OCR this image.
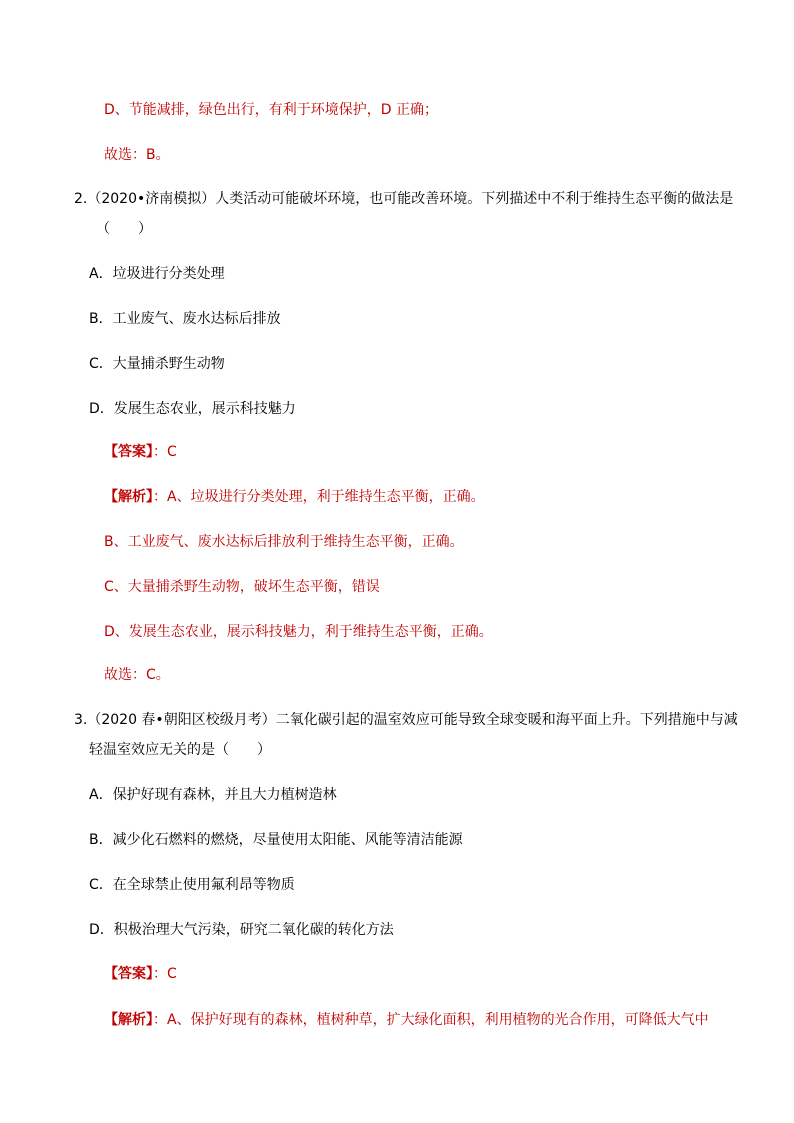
D、节能减排，绿色出行，有利于环境保护，D 正确；
故选：B。
2.（2020•济南模拟）人类活动可能破坏环境，也可能改善环境。下列描述中不利于维持生态平衡的做法是
（　　）
A．垃圾进行分类处理
B．工业废气、废水达标后排放
C．大量捕杀野生动物
D．发展生态农业，展示科技魅力
【答案】：C
【解析】：A、垃圾进行分类处理，利于维持生态平衡，正确。
B、工业废气、废水达标后排放利于维持生态平衡，正确。
C、大量捕杀野生动物，破坏生态平衡，错误
D、发展生态农业，展示科技魅力，利于维持生态平衡，正确。
故选：C。
3.（2020 春•朝阳区校级月考）二氧化碳引起的温室效应可能导致全球变暖和海平面上升。下列措施中与减
轻温室效应无关的是（　　）
A．保护好现有森林，并且大力植树造林
B．减少化石燃料的燃烧，尽量使用太阳能、风能等清洁能源
C．在全球禁止使用氟利昂等物质
D．积极治理大气污染，研究二氧化碳的转化方法
【答案】：C
【解析】：A、保护好现有的森林，植树种草，扩大绿化面积，利用植物的光合作用，可降低大气中
